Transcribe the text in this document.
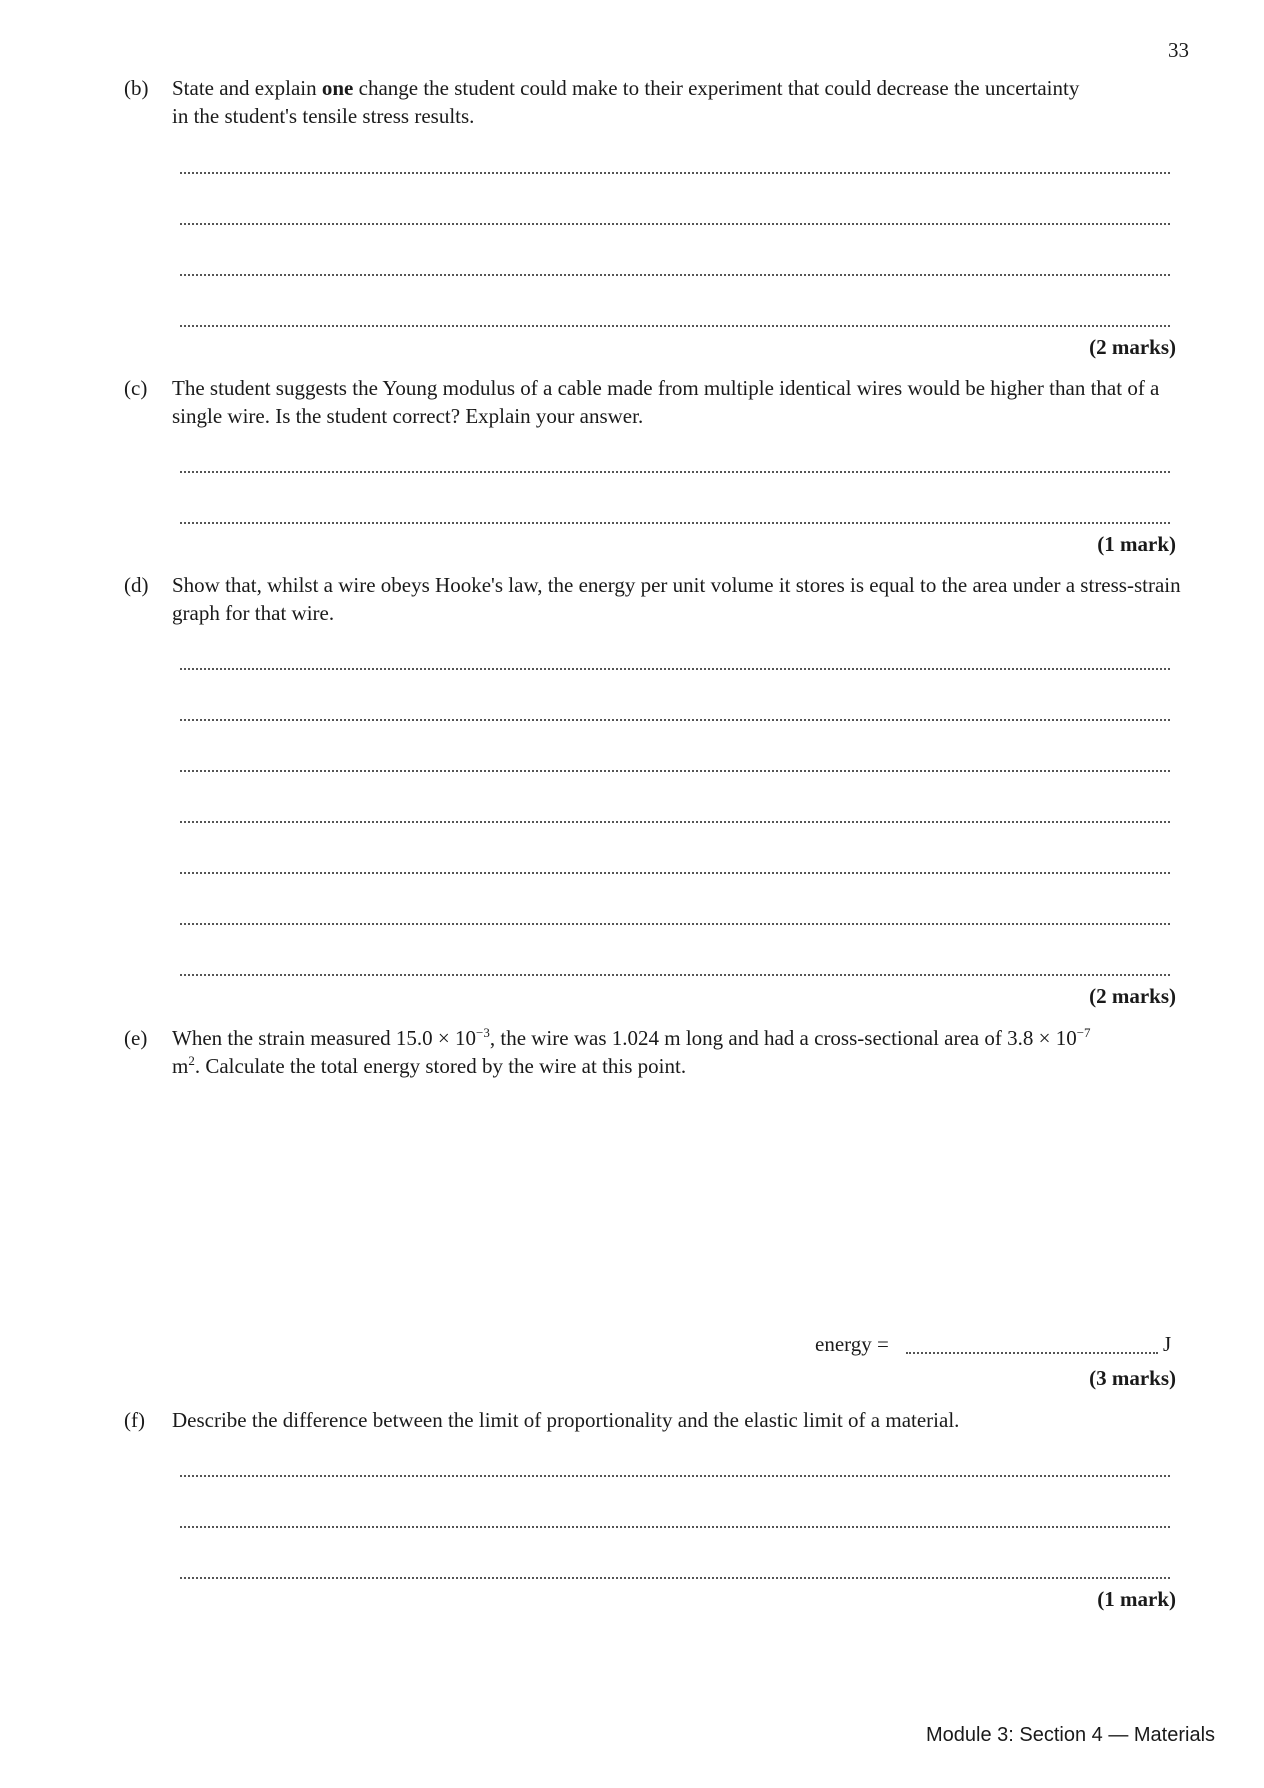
33
(b) State and explain one change the student could make to their experiment that could decrease the uncertainty in the student's tensile stress results.
(2 marks)
(c) The student suggests the Young modulus of a cable made from multiple identical wires would be higher than that of a single wire. Is the student correct? Explain your answer.
(1 mark)
(d) Show that, whilst a wire obeys Hooke's law, the energy per unit volume it stores is equal to the area under a stress-strain graph for that wire.
(2 marks)
(e) When the strain measured $15.0 \times 10^{-3}$, the wire was 1.024 m long and had a cross-sectional area of $3.8 \times 10^{-7}$ $m^2$. Calculate the total energy stored by the wire at this point.
energy =	J
(3 marks)
(f) Describe the difference between the limit of proportionality and the elastic limit of a material.
(1 mark)
Module 3: Section 4 — Materials
